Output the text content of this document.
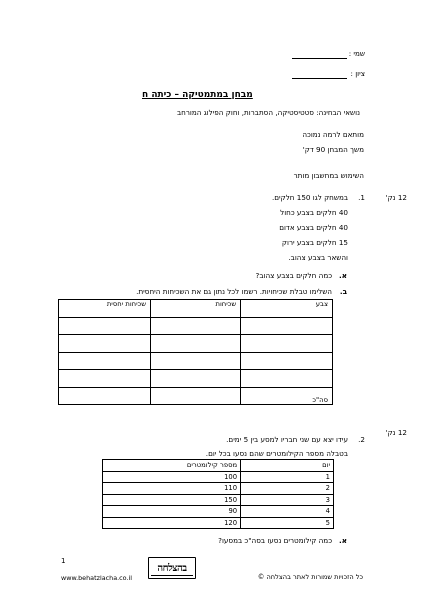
שמי :
ציון :
מבחן במתמטיקה – כיתה ח
נושאי הבחינה: סטטיסטיקה, הסתברות, וחוק הפילוג המורחב
מותאם לרמה נמוכה
משך המבחן 90 דק'
השימוש במחשבון מותר
12 נק'
1.
במשחק לגו 150 חלקים.
40 חלקים בצבע כחול
40 חלקים בצבע אדום
15 חלקים בצבע ירוק
והשאר בצבע צהוב.
א.
כמה חלקים בצבע צהוב?
ב.
השלימו טבלת שכיחויות. רשמו לכל נתון גם את השכיחות היחסית.
צבע	שכיחות	שכיחות יחסית

סה"כ		
12 נק'
2.
עידו יצא עם שני חבריו למסע בין 5 ימים.
בטבלה מספר הקילומטרים שהם נסעו בכל יום.
יום	מספר קילומטרים
1	100
2	110
3	150
4	90
5	120
א.
כמה קילומטרים נסעו בסה"כ במסעו?
1
www.behatzlacha.co.il
בהצלחה
כל הזכויות שמורות לאתר בהצלחה ©
